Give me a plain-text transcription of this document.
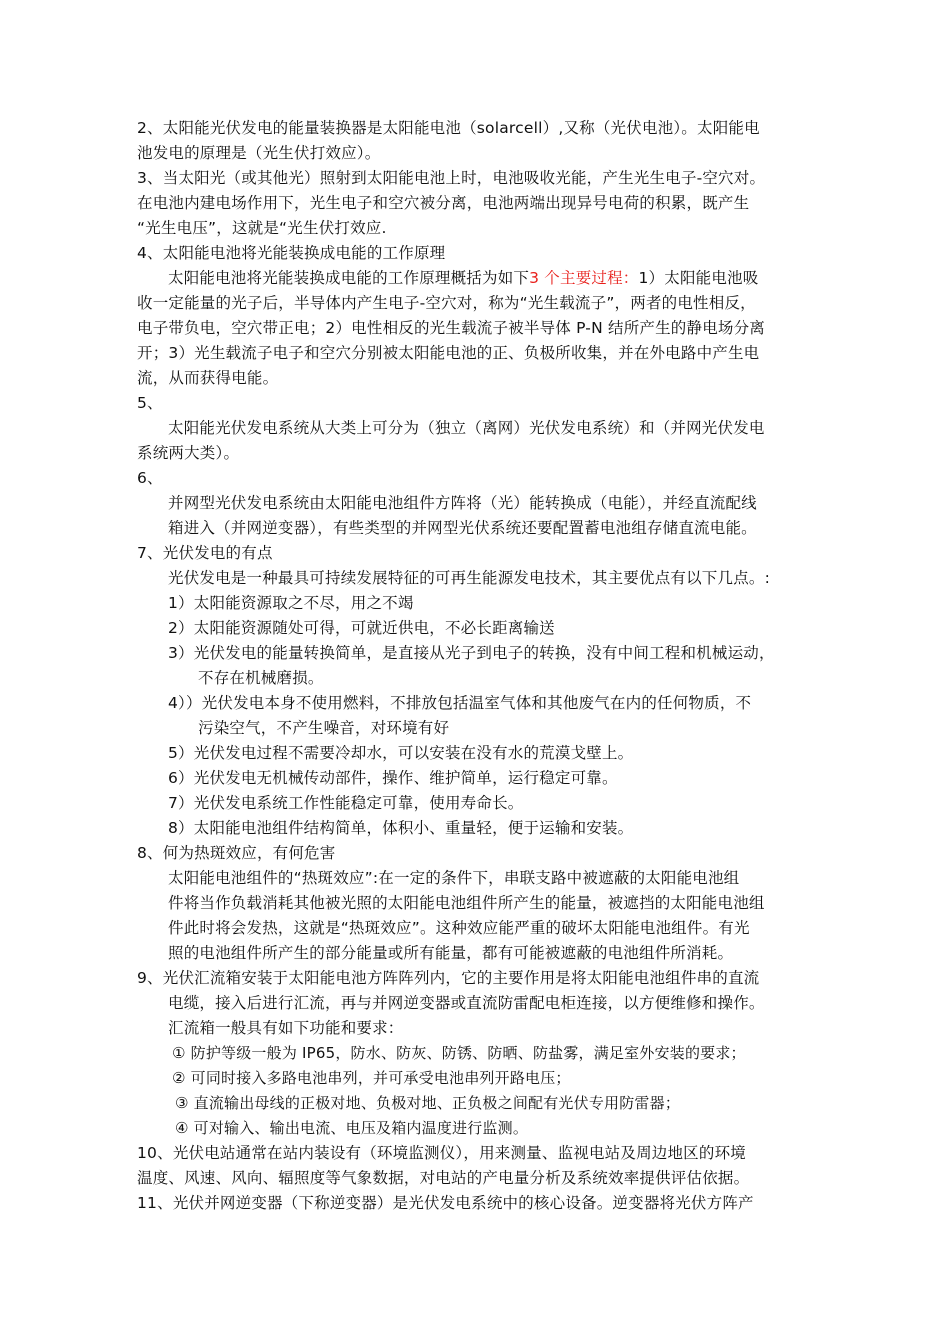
2、太阳能光伏发电的能量装换器是太阳能电池（solarcell）,又称（光伏电池）。太阳能电
池发电的原理是（光生伏打效应）。
3、当太阳光（或其他光）照射到太阳能电池上时，电池吸收光能，产生光生电子-空穴对。
在电池内建电场作用下，光生电子和空穴被分离，电池两端出现异号电荷的积累，既产生
“光生电压”，这就是“光生伏打效应.
4、太阳能电池将光能装换成电能的工作原理
太阳能电池将光能装换成电能的工作原理概括为如下3 个主要过程：1）太阳能电池吸
收一定能量的光子后，半导体内产生电子-空穴对，称为“光生载流子”，两者的电性相反，
电子带负电，空穴带正电；2）电性相反的光生载流子被半导体 P-N 结所产生的静电场分离
开；3）光生载流子电子和空穴分别被太阳能电池的正、负极所收集，并在外电路中产生电
流，从而获得电能。
5、
太阳能光伏发电系统从大类上可分为（独立（离网）光伏发电系统）和（并网光伏发电
系统两大类）。
6、
并网型光伏发电系统由太阳能电池组件方阵将（光）能转换成（电能），并经直流配线
箱进入（并网逆变器），有些类型的并网型光伏系统还要配置蓄电池组存储直流电能。
7、光伏发电的有点
光伏发电是一种最具可持续发展特征的可再生能源发电技术，其主要优点有以下几点。:
1）太阳能资源取之不尽，用之不竭
2）太阳能资源随处可得，可就近供电，不必长距离输送
3）光伏发电的能量转换简单，是直接从光子到电子的转换，没有中间工程和机械运动，
不存在机械磨损。
4））光伏发电本身不使用燃料，不排放包括温室气体和其他废气在内的任何物质，不
污染空气，不产生噪音，对环境有好
5）光伏发电过程不需要冷却水，可以安装在没有水的荒漠戈壁上。
6）光伏发电无机械传动部件，操作、维护简单，运行稳定可靠。
7）光伏发电系统工作性能稳定可靠，使用寿命长。
8）太阳能电池组件结构简单，体积小、重量轻，便于运输和安装。
8、何为热斑效应，有何危害
太阳能电池组件的“热斑效应”:在一定的条件下，串联支路中被遮蔽的太阳能电池组
件将当作负载消耗其他被光照的太阳能电池组件所产生的能量，被遮挡的太阳能电池组
件此时将会发热，这就是“热斑效应”。这种效应能严重的破坏太阳能电池组件。有光
照的电池组件所产生的部分能量或所有能量，都有可能被遮蔽的电池组件所消耗。
9、光伏汇流箱安装于太阳能电池方阵阵列内，它的主要作用是将太阳能电池组件串的直流
电缆，接入后进行汇流，再与并网逆变器或直流防雷配电柜连接，以方便维修和操作。
汇流箱一般具有如下功能和要求：
① 防护等级一般为 IP65，防水、防灰、防锈、防晒、防盐雾，满足室外安装的要求；
② 可同时接入多路电池串列，并可承受电池串列开路电压；
③ 直流输出母线的正极对地、负极对地、正负极之间配有光伏专用防雷器；
④ 可对输入、输出电流、电压及箱内温度进行监测。
10、光伏电站通常在站内装设有（环境监测仪），用来测量、监视电站及周边地区的环境
温度、风速、风向、辐照度等气象数据，对电站的产电量分析及系统效率提供评估依据。
11、光伏并网逆变器（下称逆变器）是光伏发电系统中的核心设备。逆变器将光伏方阵产
